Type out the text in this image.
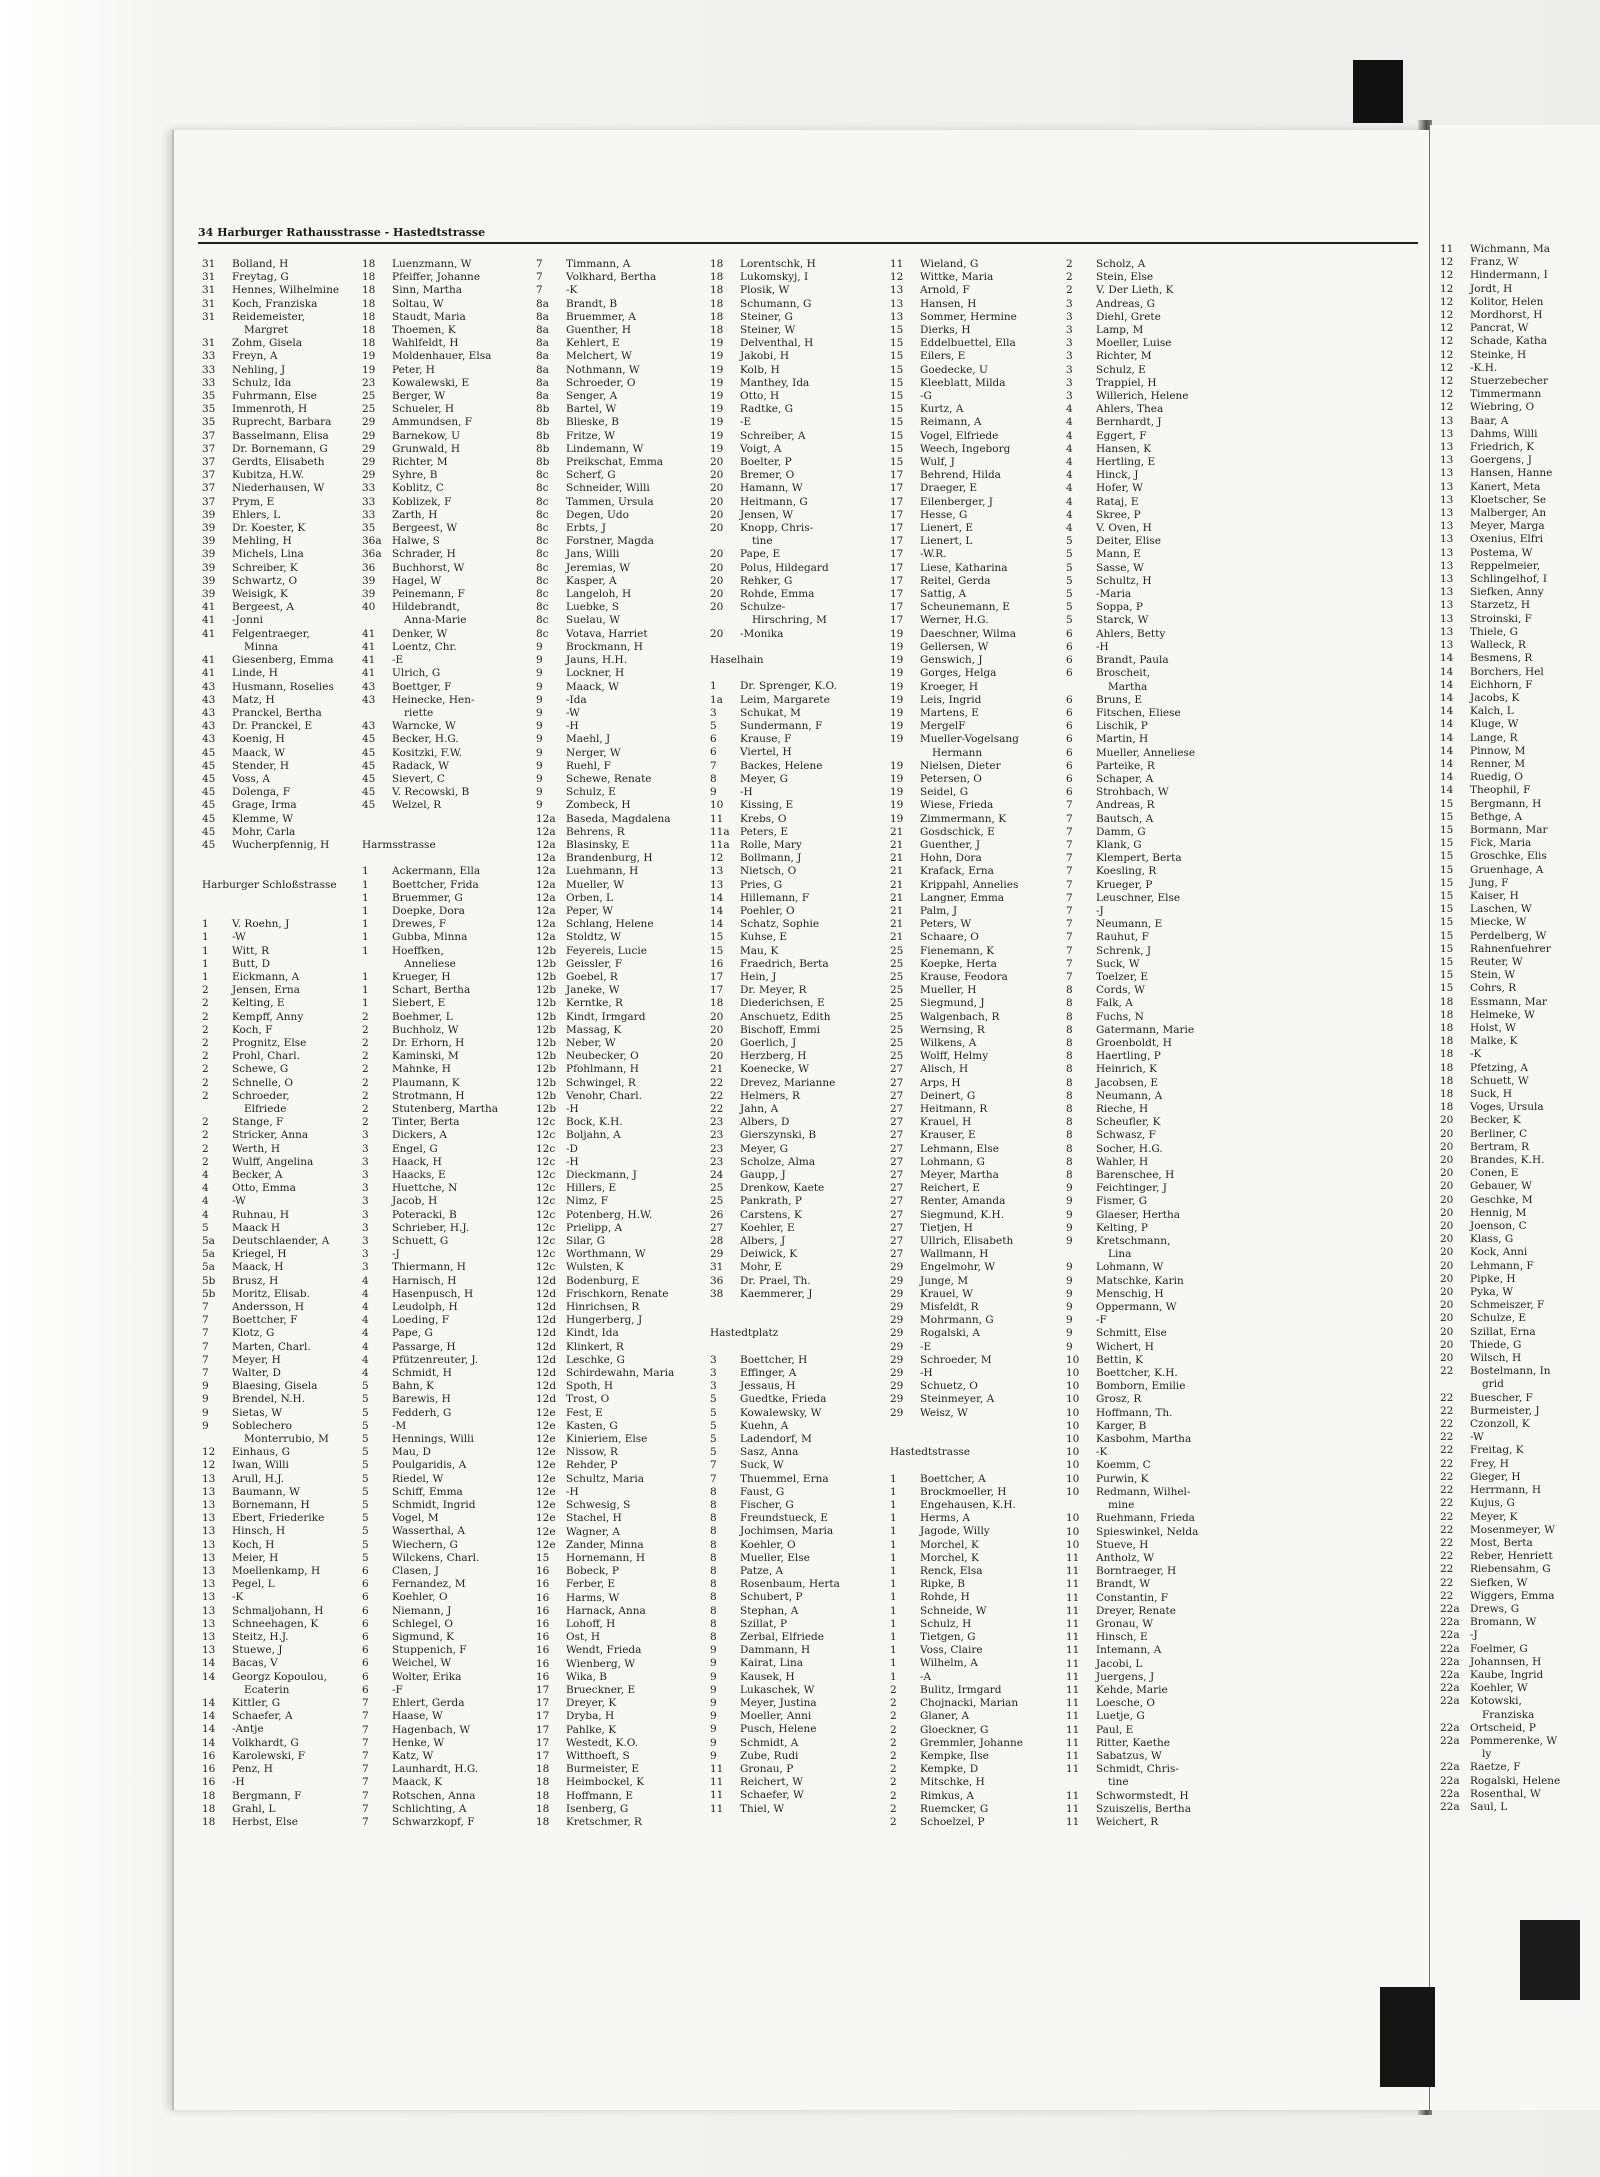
34 Harburger Rathausstrasse - Hastedtstrasse
31	Bolland, H
31	Freytag, G
31	Hennes, Wilhelmine
31	Koch, Franziska
31	Reidemeister,
Margret
31	Zohm, Gisela
33	Freyn, A
33	Nehling, J
33	Schulz, Ida
35	Fuhrmann, Else
35	Immenroth, H
35	Ruprecht, Barbara
37	Basselmann, Elisa
37	Dr. Bornemann, G
37	Gerdts, Elisabeth
37	Kubitza, H.W.
37	Niederhausen, W
37	Prym, E
39	Ehlers, L
39	Dr. Koester, K
39	Mehling, H
39	Michels, Lina
39	Schreiber, K
39	Schwartz, O
39	Weisigk, K
41	Bergeest, A
41	-Jonni
41	Felgentraeger,
Minna
41	Giesenberg, Emma
41	Linde, H
43	Husmann, Roselies
43	Matz, H
43	Pranckel, Bertha
43	Dr. Pranckel, E
43	Koenig, H
45	Maack, W
45	Stender, H
45	Voss, A
45	Dolenga, F
45	Grage, Irma
45	Klemme, W
45	Mohr, Carla
45	Wucherpfennig, H
Harburger Schloßstrasse
1	V. Roehn, J
1	-W
1	Witt, R
1	Butt, D
1	Eickmann, A
2	Jensen, Erna
2	Kelting, E
2	Kempff, Anny
2	Koch, F
2	Prognitz, Else
2	Prohl, Charl.
2	Schewe, G
2	Schnelle, O
2	Schroeder,
Elfriede
2	Stange, F
2	Stricker, Anna
2	Werth, H
2	Wulff, Angelina
4	Becker, A
4	Otto, Emma
4	-W
4	Ruhnau, H
5	Maack H
5a	Deutschlaender, A
5a	Kriegel, H
5a	Maack, H
5b	Brusz, H
5b	Moritz, Elisab.
7	Andersson, H
7	Boettcher, F
7	Klotz, G
7	Marten, Charl.
7	Meyer, H
7	Walter, D
9	Blaesing, Gisela
9	Brendel, N.H.
9	Sietas, W
9	Soblechero
Monterrubio, M
12	Einhaus, G
12	Iwan, Willi
13	Arull, H.J.
13	Baumann, W
13	Bornemann, H
13	Ebert, Friederike
13	Hinsch, H
13	Koch, H
13	Meier, H
13	Moellenkamp, H
13	Pegel, L
13	-K
13	Schmaljohann, H
13	Schneehagen, K
13	Steitz, H.J.
13	Stuewe, J
14	Bacas, V
14	Georgz Kopoulou,
Ecaterin
14	Kittler, G
14	Schaefer, A
14	-Antje
14	Volkhardt, G
16	Karolewski, F
16	Penz, H
16	-H
18	Bergmann, F
18	Grahl, L
18	Herbst, Else
18	Luenzmann, W
18	Pfeiffer, Johanne
18	Sinn, Martha
18	Soltau, W
18	Staudt, Maria
18	Thoemen, K
18	Wahlfeldt, H
19	Moldenhauer, Elsa
19	Peter, H
23	Kowalewski, E
25	Berger, W
25	Schueler, H
29	Ammundsen, F
29	Barnekow, U
29	Grunwald, H
29	Richter, M
29	Syhre, B
33	Koblitz, C
33	Koblizek, F
33	Zarth, H
35	Bergeest, W
36a Halwe, S
36a Schrader, H
36	Buchhorst, W
39	Hagel, W
39	Peinemann, F
40	Hildebrandt,
Anna-Marie
41	Denker, W
41	Loentz, Chr.
41	-E
41	Ulrich, G
43	Boettger, F
43	Heinecke, Hen-
riette
43	Warncke, W
45	Becker, H.G.
45	Kositzki, F.W.
45	Radack, W
45	Sievert, C
45	V. Recowski, B
45	Welzel, R
Harmsstrasse
1	Ackermann, Ella
1	Boettcher, Frida
1	Bruemmer, G
1	Doepke, Dora
1	Drewes, F
1	Gubba, Minna
1	Hoeffken,
Anneliese
1	Krueger, H
1	Schart, Bertha
1	Siebert, E
2	Boehmer, L
2	Buchholz, W
2	Dr. Erhorn, H
2	Kaminski, M
2	Mahnke, H
2	Plaumann, K
2	Strotmann, H
2	Stutenberg, Martha
2	Tinter, Berta
3	Dickers, A
3	Engel, G
3	Haack, H
3	Haacks, E
3	Huettche, N
3	Jacob, H
3	Poteracki, B
3	Schrieber, H.J.
3	Schuett, G
3	-J
3	Thiermann, H
4	Harnisch, H
4	Hasenpusch, H
4	Leudolph, H
4	Loeding, F
4	Pape, G
4	Passarge, H
4	Pfützenreuter, J.
4	Schmidt, H
5	Bahn, K
5	Barewis, H
5	Fedderh, G
5	-M
5	Hennings, Willi
5	Mau, D
5	Poulgaridis, A
5	Riedel, W
5	Schiff, Emma
5	Schmidt, Ingrid
5	Vogel, M
5	Wasserthal, A
5	Wiechern, G
5	Wilckens, Charl.
6	Clasen, J
6	Fernandez, M
6	Koehler, O
6	Niemann, J
6	Schlegel, O
6	Sigmund, K
6	Stuppenich, F
6	Weichel, W
6	Wolter, Erika
6	-F
7	Ehlert, Gerda
7	Haase, W
7	Hagenbach, W
7	Henke, W
7	Katz, W
7	Launhardt, H.G.
7	Maack, K
7	Rotschen, Anna
7	Schlichting, A
7	Schwarzkopf, F
7	Timmann, A
7	Volkhard, Bertha
7	-K
8a	Brandt, B
8a	Bruemmer, A
8a	Guenther, H
8a	Kehlert, E
8a	Melchert, W
8a	Nothmann, W
8a	Schroeder, O
8a	Senger, A
8b	Bartel, W
8b	Blieske, B
8b	Fritze, W
8b	Lindemann, W
8b	Preikschat, Emma
8c	Scherf, G
8c	Schneider, Willi
8c	Tammen, Ursula
8c	Degen, Udo
8c	Erbts, J
8c	Forstner, Magda
8c	Jans, Willi
8c	Jeremias, W
8c	Kasper, A
8c	Langeloh, H
8c	Luebke, S
8c	Suelau, W
8c	Votava, Harriet
9	Brockmann, H
9	Jauns, H.H.
9	Lockner, H
9	Maack, W
9	-Ida
9	-W
9	-H
9	Maehl, J
9	Nerger, W
9	Ruehl, F
9	Schewe, Renate
9	Schulz, E
9	Zombeck, H
12a Baseda, Magdalena
12a Behrens, R
12a Blasinsky, E
12a Brandenburg, H
12a Luehmann, H
12a Mueller, W
12a Orben, L
12a Peper, W
12a Schlang, Helene
12a Stoldtz, W
12b Feyereis, Lucie
12b Geissler, F
12b Goebel, R
12b Janeke, W
12b Kerntke, R
12b Kindt, Irmgard
12b Massag, K
12b Neber, W
12b Neubecker, O
12b Pfohlmann, H
12b Schwingel, R
12b Venohr, Charl.
12b -H
12c	Bock, K.H.
12c	Boljahn, A
12c	-D
12c	-H
12c	Dieckmann, J
12c	Hillers, E
12c	Nimz, F
12c	Potenberg, H.W.
12c	Prielipp, A
12c	Silar, G
12c	Worthmann, W
12c	Wulsten, K
12d Bodenburg, E
12d Frischkorn, Renate
12d Hinrichsen, R
12d Hungerberg, J
12d Kindt, Ida
12d Klinkert, R
12d Leschke, G
12d Schirdewahn, Maria
12d Spoth, H
12d Trost, O
12e Fest, E
12e Kasten, G
12e Kinieriem, Else
12e Nissow, R
12e Rehder, P
12e Schultz, Maria
12e -H
12e Schwesig, S
12e Stachel, H
12e Wagner, A
12e Zander, Minna
15	Hornemann, H
16	Bobeck, P
16	Ferber, E
16	Harms, W
16	Harnack, Anna
16	Lohoff, H
16	Ost, H
16	Wendt, Frieda
16	Wienberg, W
16	Wika, B
17	Brueckner, E
17	Dreyer, K
17	Dryba, H
17	Pahlke, K
17	Westedt, K.O.
17	Witthoeft, S
18	Burmeister, E
18	Heimbockel, K
18	Hoffmann, E
18	Isenberg, G
18	Kretschmer, R
18	Lorentschk, H
18	Lukomskyj, I
18	Plosik, W
18	Schumann, G
18	Steiner, G
18	Steiner, W
19	Delventhal, H
19	Jakobi, H
19	Kolb, H
19	Manthey, Ida
19	Otto, H
19	Radtke, G
19	-E
19	Schreiber, A
19	Voigt, A
20	Boelter, P
20	Bremer, O
20	Hamann, W
20	Heitmann, G
20	Jensen, W
20	Knopp, Chris-
tine
20	Pape, E
20	Polus, Hildegard
20	Rehker, G
20	Rohde, Emma
20	Schulze-
Hirschring, M
20	-Monika
Haselhain
1	Dr. Sprenger, K.O.
1a	Leim, Margarete
3	Schukat, M
5	Sundermann, F
6	Krause, F
6	Viertel, H
7	Backes, Helene
8	Meyer, G
9	-H
10	Kissing, E
11	Krebs, O
11a Peters, E
11a Rolle, Mary
12	Bollmann, J
13	Nietsch, O
13	Pries, G
14	Hillemann, F
14	Poehler, O
14	Schatz, Sophie
15	Kuhse, E
15	Mau, K
16	Fraedrich, Berta
17	Hein, J
17	Dr. Meyer, R
18	Diederichsen, E
20	Anschuetz, Edith
20	Bischoff, Emmi
20	Goerlich, J
20	Herzberg, H
21	Koenecke, W
22	Drevez, Marianne
22	Helmers, R
22	Jahn, A
23	Albers, D
23	Gierszynski, B
23	Meyer, G
23	Scholze, Alma
24	Gaupp, J
25	Drenkow, Kaete
25	Pankrath, P
26	Carstens, K
27	Koehler, E
28	Albers, J
29	Deiwick, K
31	Mohr, E
36	Dr. Prael, Th.
38	Kaemmerer, J
Hastedtplatz
3	Boettcher, H
3	Effinger, A
3	Jessaus, H
5	Guedtke, Frieda
5	Kowalewsky, W
5	Kuehn, A
5	Ladendorf, M
5	Sasz, Anna
7	Suck, W
7	Thuemmel, Erna
8	Faust, G
8	Fischer, G
8	Freundstueck, E
8	Jochimsen, Maria
8	Koehler, O
8	Mueller, Else
8	Patze, A
8	Rosenbaum, Herta
8	Schubert, P
8	Stephan, A
8	Szillat, P
8	Zerbal, Elfriede
9	Dammann, H
9	Kairat, Lina
9	Kausek, H
9	Lukaschek, W
9	Meyer, Justina
9	Moeller, Anni
9	Pusch, Helene
9	Schmidt, A
9	Zube, Rudi
11	Gronau, P
11	Reichert, W
11	Schaefer, W
11	Thiel, W
11	Wieland, G
12	Wittke, Maria
13	Arnold, F
13	Hansen, H
13	Sommer, Hermine
15	Dierks, H
15	Eddelbuettel, Ella
15	Eilers, E
15	Goedecke, U
15	Kleeblatt, Milda
15	-G
15	Kurtz, A
15	Reimann, A
15	Vogel, Elfriede
15	Weech, Ingeborg
15	Wulf, J
17	Behrend, Hilda
17	Draeger, E
17	Eilenberger, J
17	Hesse, G
17	Lienert, E
17	Lienert, L
17	-W.R.
17	Liese, Katharina
17	Reitel, Gerda
17	Sattig, A
17	Scheunemann, E
17	Werner, H.G.
19	Daeschner, Wilma
19	Gellersen, W
19	Genswich, J
19	Gorges, Helga
19	Kroeger, H
19	Leis, Ingrid
19	Martens, E
19	MergelF
19	Mueller-Vogelsang
Hermann
19	Nielsen, Dieter
19	Petersen, O
19	Seidel, G
19	Wiese, Frieda
19	Zimmermann, K
21	Gosdschick, E
21	Guenther, J
21	Hohn, Dora
21	Krafack, Erna
21	Krippahl, Annelies
21	Langner, Emma
21	Palm, J
21	Peters, W
21	Schaare, O
25	Fienemann, K
25	Koepke, Herta
25	Krause, Feodora
25	Mueller, H
25	Siegmund, J
25	Walgenbach, R
25	Wernsing, R
25	Wilkens, A
25	Wolff, Helmy
27	Alisch, H
27	Arps, H
27	Deinert, G
27	Heitmann, R
27	Krauel, H
27	Krauser, E
27	Lehmann, Else
27	Lohmann, G
27	Meyer, Martha
27	Reichert, E
27	Renter, Amanda
27	Siegmund, K.H.
27	Tietjen, H
27	Ullrich, Elisabeth
27	Wallmann, H
29	Engelmohr, W
29	Junge, M
29	Krauel, W
29	Misfeldt, R
29	Mohrmann, G
29	Rogalski, A
29	-E
29	Schroeder, M
29	-H
29	Schuetz, O
29	Steinmeyer, A
29	Weisz, W
Hastedtstrasse
1	Boettcher, A
1	Brockmoeller, H
1	Engehausen, K.H.
1	Herms, A
1	Jagode, Willy
1	Morchel, K
1	Morchel, K
1	Renck, Elsa
1	Ripke, B
1	Rohde, H
1	Schneide, W
1	Schulz, H
1	Tietgen, G
1	Voss, Claire
1	Wilhelm, A
1	-A
2	Bulitz, Irmgard
2	Chojnacki, Marian
2	Glaner, A
2	Gloeckner, G
2	Gremmler, Johanne
2	Kempke, Ilse
2	Kempke, D
2	Mitschke, H
2	Rimkus, A
2	Ruemcker, G
2	Schoelzel, P
2	Scholz, A
2	Stein, Else
2	V. Der Lieth, K
3	Andreas, G
3	Diehl, Grete
3	Lamp, M
3	Moeller, Luise
3	Richter, M
3	Schulz, E
3	Trappiel, H
3	Willerich, Helene
4	Ahlers, Thea
4	Bernhardt, J
4	Eggert, F
4	Hansen, K
4	Hertling, E
4	Hinck, J
4	Hofer, W
4	Rataj, E
4	Skree, P
4	V. Oven, H
5	Deiter, Elise
5	Mann, E
5	Sasse, W
5	Schultz, H
5	-Maria
5	Soppa, P
5	Starck, W
6	Ahlers, Betty
6	-H
6	Brandt, Paula
6	Broscheit,
Martha
6	Bruns, E
6	Fitschen, Eliese
6	Lischik, P
6	Martin, H
6	Mueller, Anneliese
6	Parteike, R
6	Schaper, A
6	Strohbach, W
7	Andreas, R
7	Bautsch, A
7	Damm, G
7	Klank, G
7	Klempert, Berta
7	Koesling, R
7	Krueger, P
7	Leuschner, Else
7	-J
7	Neumann, E
7	Rauhut, F
7	Schrenk, J
7	Suck, W
7	Toelzer, E
8	Cords, W
8	Falk, A
8	Fuchs, N
8	Gatermann, Marie
8	Groenboldt, H
8	Haertling, P
8	Heinrich, K
8	Jacobsen, E
8	Neumann, A
8	Rieche, H
8	Scheufler, K
8	Schwasz, F
8	Socher, H.G.
8	Wahler, H
8	Barenschee, H
9	Feichtinger, J
9	Fismer, G
9	Glaeser, Hertha
9	Kelting, P
9	Kretschmann,
Lina
9	Lohmann, W
9	Matschke, Karin
9	Menschig, H
9	Oppermann, W
9	-F
9	Schmitt, Else
9	Wichert, H
10	Bettin, K
10	Boettcher, K.H.
10	Bomborn, Emilie
10	Grosz, R
10	Hoffmann, Th.
10	Karger, B
10	Kasbohm, Martha
10	-K
10	Koemm, C
10	Purwin, K
10	Redmann, Wilhel-
mine
10	Ruehmann, Frieda
10	Spieswinkel, Nelda
10	Stueve, H
11	Antholz, W
11	Borntraeger, H
11	Brandt, W
11	Constantin, F
11	Dreyer, Renate
11	Gronau, W
11	Hinsch, E
11	Intemann, A
11	Jacobi, L
11	Juergens, J
11	Kehde, Marie
11	Loesche, O
11	Luetje, G
11	Paul, E
11	Ritter, Kaethe
11	Sabatzus, W
11	Schmidt, Chris-
tine
11	Schwormstedt, H
11	Szuiszelis, Bertha
11	Weichert, R
11	Wichmann, Ma
12	Franz, W
12	Hindermann, I
12	Jordt, H
12	Kolitor, Helen
12	Mordhorst, H
12	Pancrat, W
12	Schade, Katha
12	Steinke, H
12	-K.H.
12	Stuerzebecher
12	Timmermann
12	Wiebring, O
13	Baar, A
13	Dahms, Willi
13	Friedrich, K
13	Goergens, J
13	Hansen, Hanne
13	Kanert, Meta
13	Kloetscher, Se
13	Malberger, An
13	Meyer, Marga
13	Oxenius, Elfri
13	Postema, W
13	Reppelmeier,
13	Schlingelhof, I
13	Siefken, Anny
13	Starzetz, H
13	Stroinski, F
13	Thiele, G
13	Walleck, R
14	Besmens, R
14	Borchers, Hel
14	Eichhorn, F
14	Jacobs, K
14	Kalch, L
14	Kluge, W
14	Lange, R
14	Pinnow, M
14	Renner, M
14	Ruedig, O
14	Theophil, F
15	Bergmann, H
15	Bethge, A
15	Bormann, Mar
15	Fick, Maria
15	Groschke, Elis
15	Gruenhage, A
15	Jung, F
15	Kaiser, H
15	Laschen, W
15	Miecke, W
15	Perdelberg, W
15	Rahnenfuehrer
15	Reuter, W
15	Stein, W
15	Cohrs, R
18	Essmann, Mar
18	Helmeke, W
18	Holst, W
18	Malke, K
18	-K
18	Pfetzing, A
18	Schuett, W
18	Suck, H
18	Voges, Ursula
20	Becker, K
20	Berliner, C
20	Bertram, R
20	Brandes, K.H.
20	Conen, E
20	Gebauer, W
20	Geschke, M
20	Hennig, M
20	Joenson, C
20	Klass, G
20	Kock, Anni
20	Lehmann, F
20	Pipke, H
20	Pyka, W
20	Schmeiszer, F
20	Schulze, E
20	Szillat, Erna
20	Thiede, G
20	Wilsch, H
22	Bostelmann, In
grid
22	Buescher, F
22	Burmeister, J
22	Czonzoll, K
22	-W
22	Freitag, K
22	Frey, H
22	Gieger, H
22	Herrmann, H
22	Kujus, G
22	Meyer, K
22	Mosenmeyer, W
22	Most, Berta
22	Reber, Henriett
22	Riebensahm, G
22	Siefken, W
22	Wiggers, Emma
22a Drews, G
22a Bromann, W
22a -J
22a Foelmer, G
22a Johannsen, H
22a Kaube, Ingrid
22a Koehler, W
22a Kotowski,
Franziska
22a Ortscheid, P
22a Pommerenke, W
ly
22a Raetze, F
22a Rogalski, Helene
22a Rosenthal, W
22a Saul, L
